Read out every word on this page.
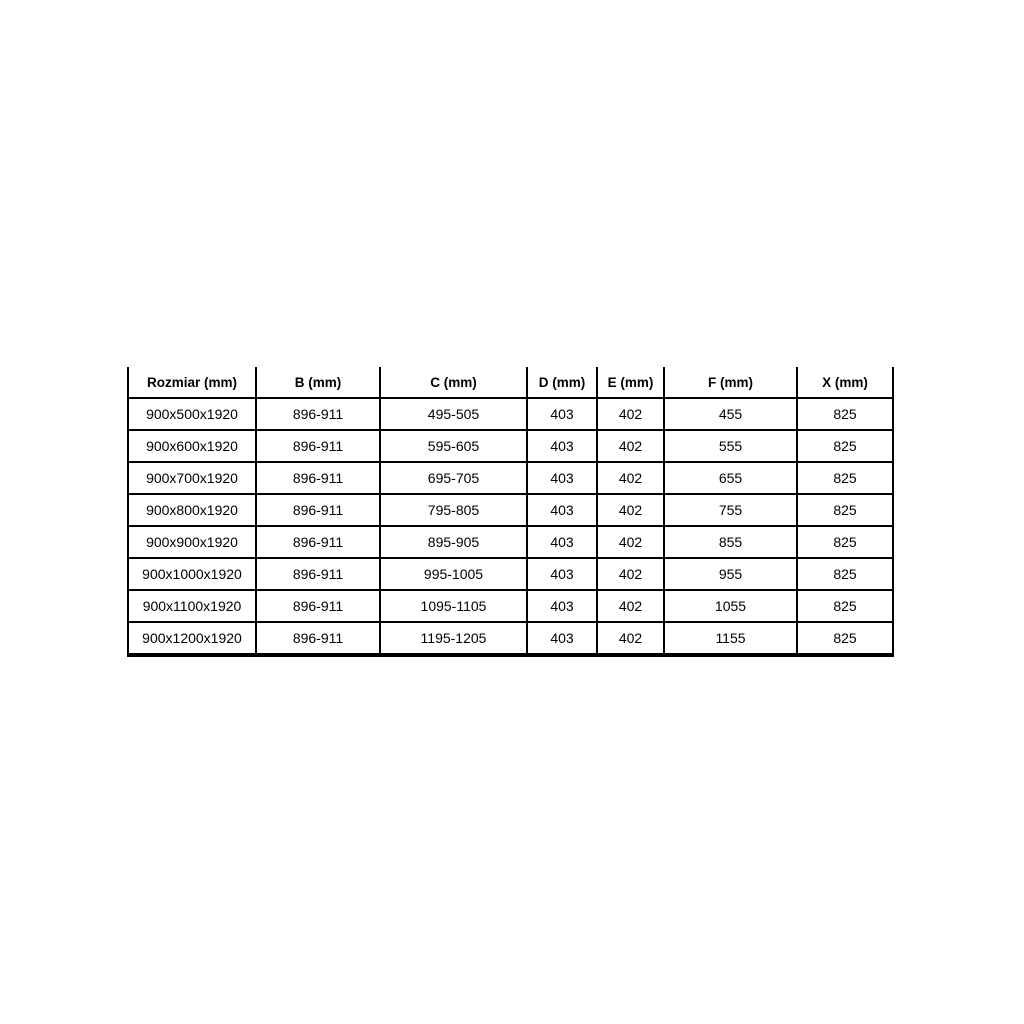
Rozmiar (mm)	B (mm)	C (mm)	D (mm)	E (mm)	F (mm)	X (mm)
900x500x1920	896-911	495-505	403	402	455	825
900x600x1920	896-911	595-605	403	402	555	825
900x700x1920	896-911	695-705	403	402	655	825
900x800x1920	896-911	795-805	403	402	755	825
900x900x1920	896-911	895-905	403	402	855	825
900x1000x1920	896-911	995-1005	403	402	955	825
900x1100x1920	896-911	1095-1105	403	402	1055	825
900x1200x1920	896-911	1195-1205	403	402	1155	825
